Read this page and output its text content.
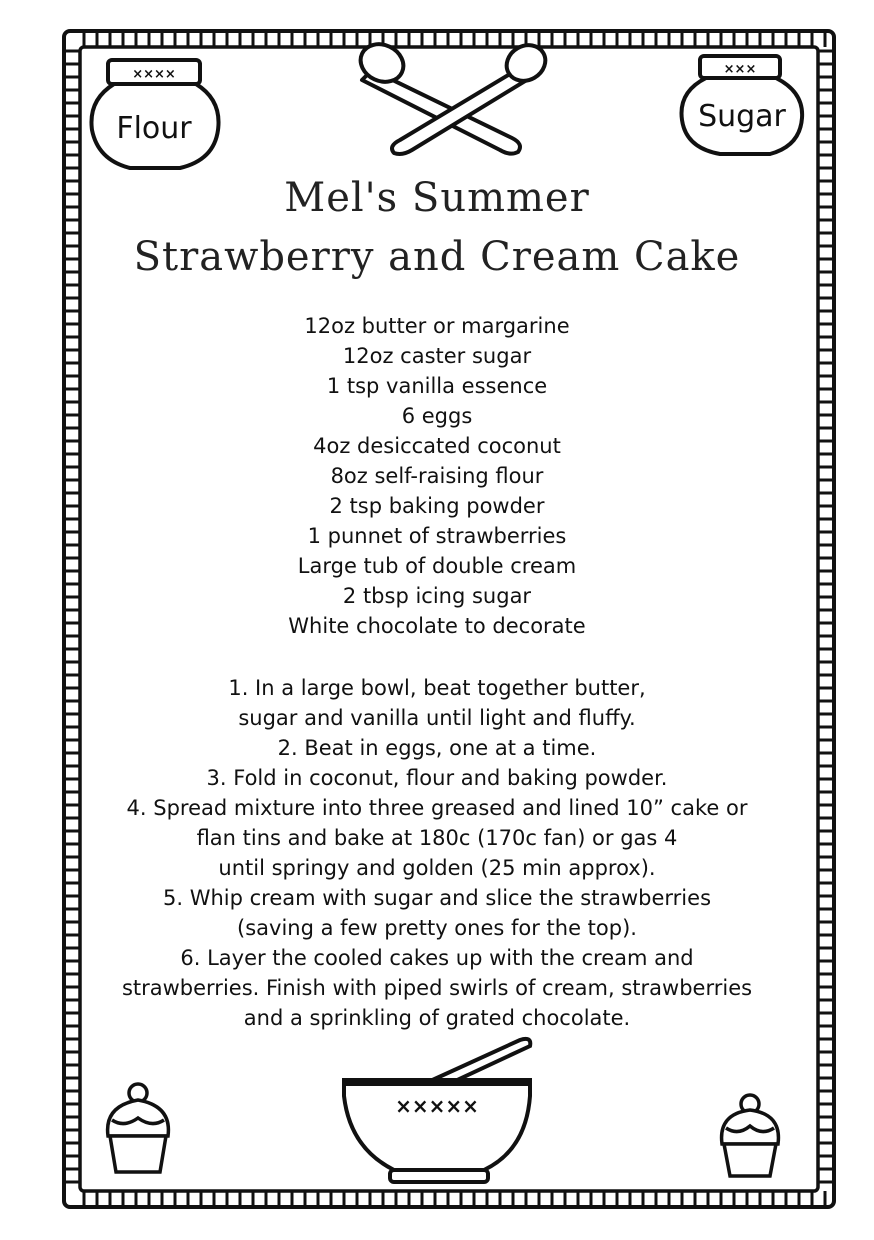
××××
Flour
×××
Sugar
×××××
Mel's Summer
Strawberry and Cream Cake
12oz butter or margarine
12oz caster sugar
1 tsp vanilla essence
6 eggs
4oz desiccated coconut
8oz self-raising flour
2 tsp baking powder
1 punnet of strawberries
Large tub of double cream
2 tbsp icing sugar
White chocolate to decorate
1. In a large bowl, beat together butter,
sugar and vanilla until light and fluffy.
2. Beat in eggs, one at a time.
3. Fold in coconut, flour and baking powder.
4. Spread mixture into three greased and lined 10” cake or
flan tins and bake at 180c (170c fan) or gas 4
until springy and golden (25 min approx).
5. Whip cream with sugar and slice the strawberries
(saving a few pretty ones for the top).
6. Layer the cooled cakes up with the cream and
strawberries. Finish with piped swirls of cream, strawberries
and a sprinkling of grated chocolate.
